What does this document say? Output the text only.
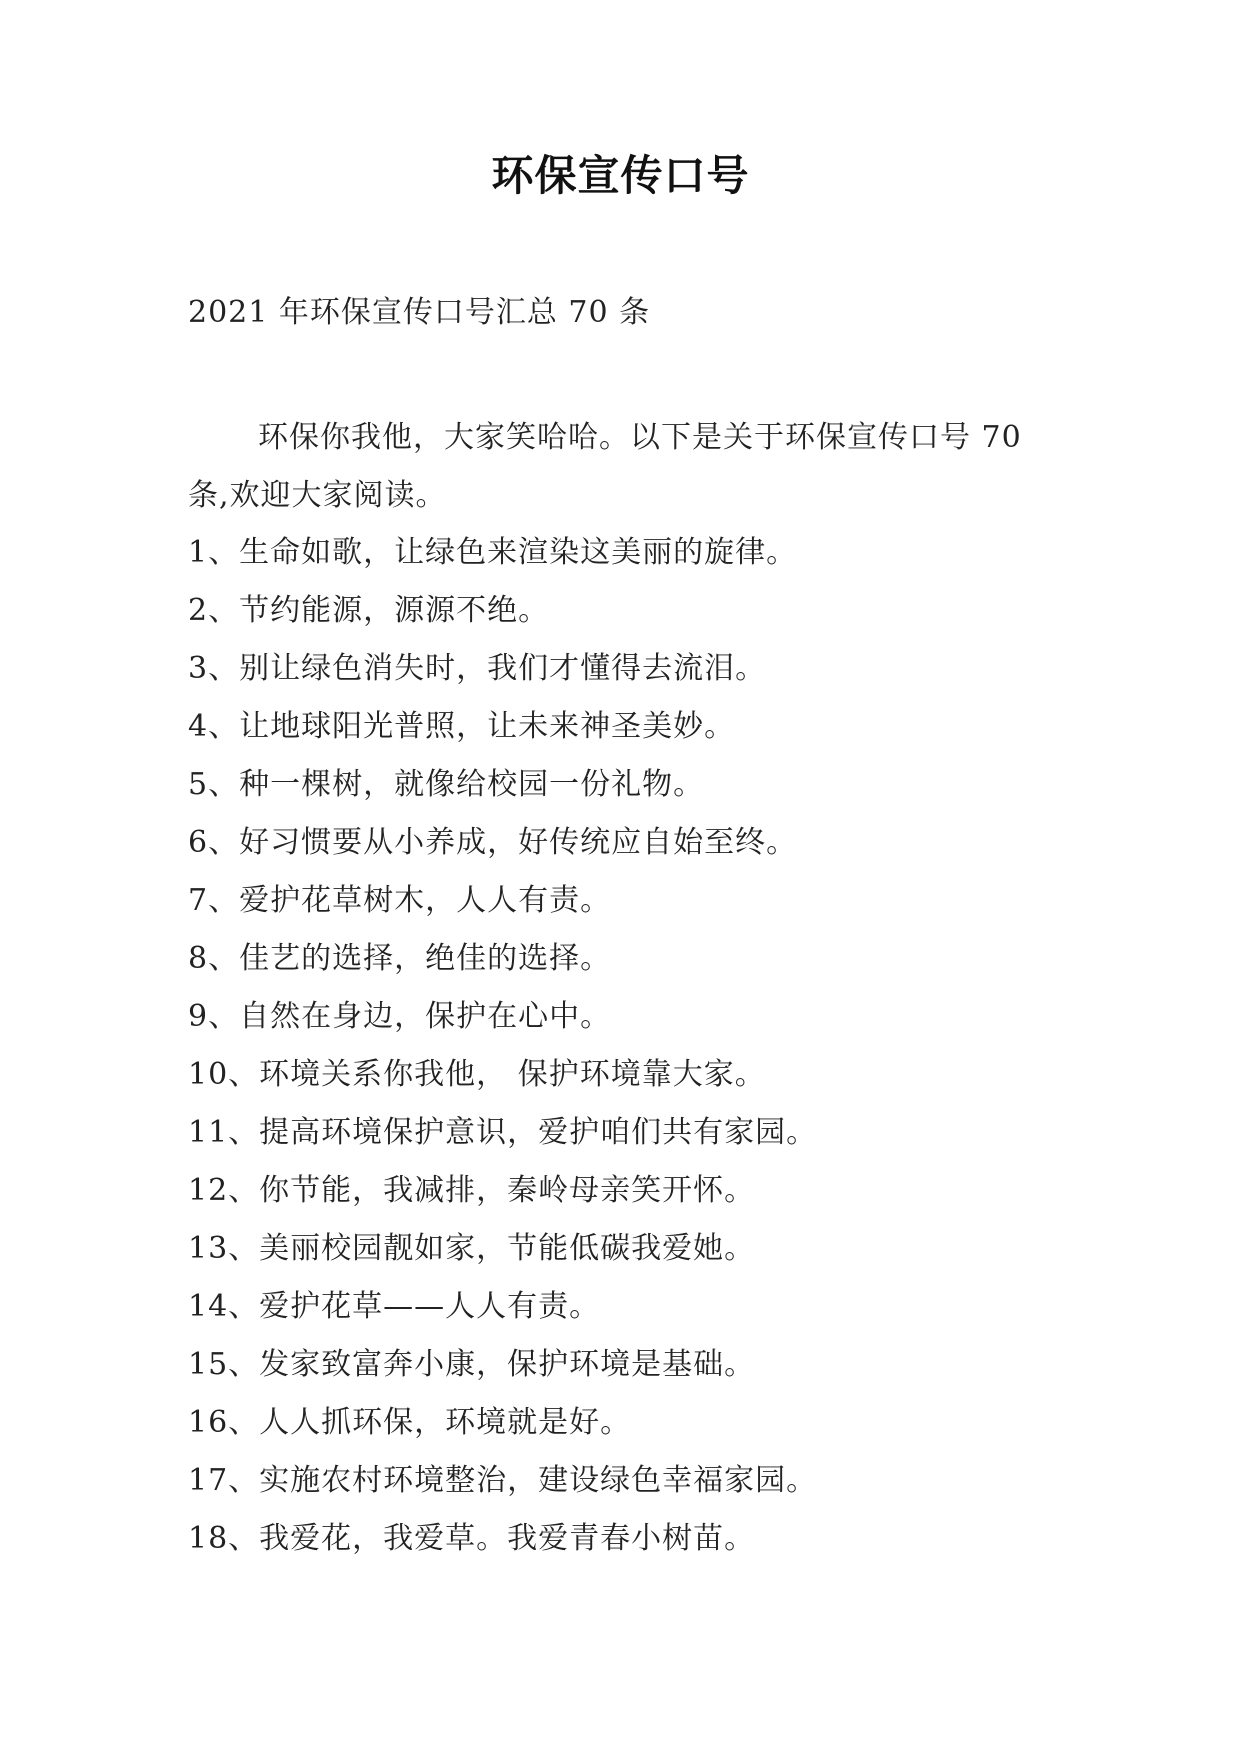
环保宣传口号
2021 年环保宣传口号汇总 70 条
环保你我他，大家笑哈哈。以下是关于环保宣传口号 70 条,欢迎大家阅读。
1、生命如歌，让绿色来渲染这美丽的旋律。
2、节约能源，源源不绝。
3、别让绿色消失时，我们才懂得去流泪。
4、让地球阳光普照，让未来神圣美妙。
5、种一棵树，就像给校园一份礼物。
6、好习惯要从小养成，好传统应自始至终。
7、爱护花草树木，人人有责。
8、佳艺的选择，绝佳的选择。
9、自然在身边，保护在心中。
10、环境关系你我他， 保护环境靠大家。
11、提高环境保护意识，爱护咱们共有家园。
12、你节能，我减排，秦岭母亲笑开怀。
13、美丽校园靓如家，节能低碳我爱她。
14、爱护花草——人人有责。
15、发家致富奔小康，保护环境是基础。
16、人人抓环保，环境就是好。
17、实施农村环境整治，建设绿色幸福家园。
18、我爱花，我爱草。我爱青春小树苗。
